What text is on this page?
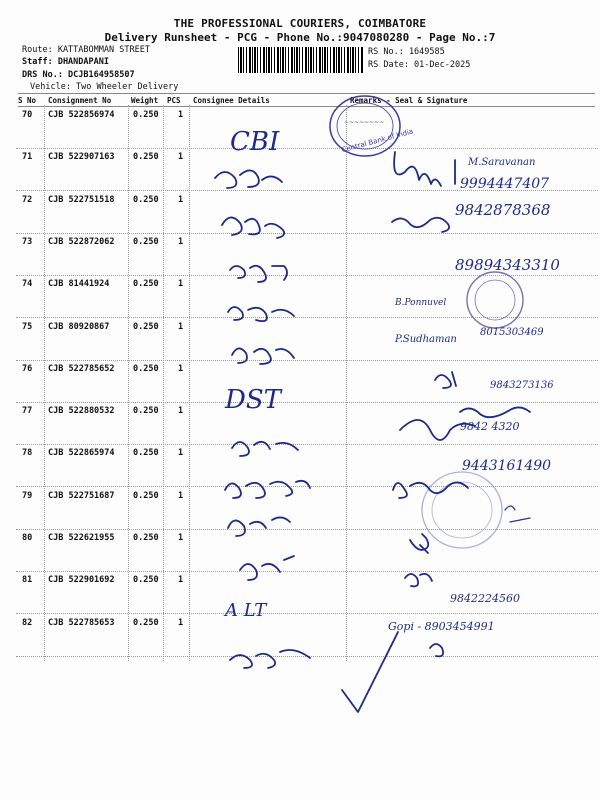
THE PROFESSIONAL COURIERS, COIMBATORE
Delivery Runsheet - PCG - Phone No.:9047080280 - Page No.:7
Route: KATTABOMMAN STREET
Staff: DHANDAPANI
DRS No.: DCJB164958507
Vehicle: Two Wheeler Delivery
RS No.: 1649585
RS Date: 01-Dec-2025
S No Consignment No	Weight PCS Consignee Details	Remarks - Seal & Signature
70 CJB 522856974 0.250 1
71 CJB 522907163 0.250 1
72 CJB 522751518 0.250 1
73 CJB 522872062 0.250 1
74 CJB 81441924	0.250 1
75 CJB 80920867	0.250 1
76 CJB 522785652 0.250 1
77 CJB 522880532 0.250 1
78 CJB 522865974 0.250 1
79 CJB 522751687 0.250 1
80 CJB 522621955 0.250 1
81 CJB 522901692 0.250 1
82 CJB 522785653 0.250 1
Central Bank of India
~~~~~~~~
CBI
DST
A LT
M.Saravanan
9994447407
9842878368
89894343310
B.Ponnuvel
P.Sudhaman
8015303469
9843273136
9842 4320
9443161490
9842224560
Gopi - 8903454991
